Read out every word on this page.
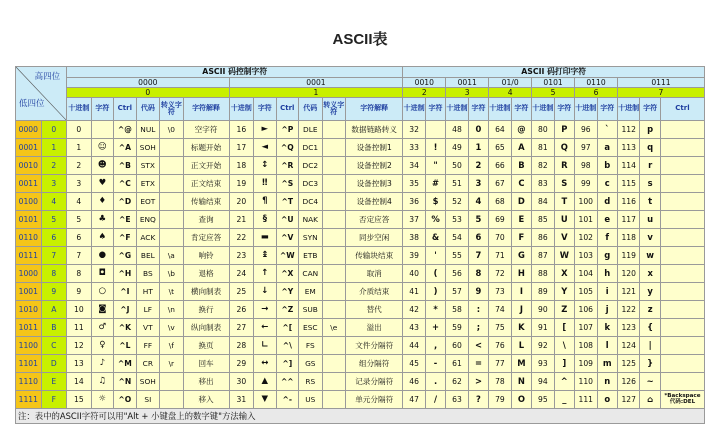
ASCII表
高四位
低四位		ASCII 码控制字符												ASCII 码打印字符												
		0000						0001						0010		0011		01/0		0101		0110		0111		
		0						1						2		3		4		5		6		7		
		十进制	字符	Ctrl	代码	转义字符	字符解释	十进制	字符	Ctrl	代码	转义字符	字符解释	十进制	字符	十进制	字符	十进制	字符	十进制	字符	十进制	字符	十进制	字符	Ctrl
0000	0	0		^@	NUL	\0	空字符	16	►	^P	DLE		数据链路转义	32		48	0	64	@	80	P	96	`	112	p	
0001	1	1	☺	^A	SOH		标题开始	17	◄	^Q	DC1		设备控制1	33	!	49	1	65	A	81	Q	97	a	113	q	
0010	2	2	☻	^B	STX		正文开始	18	↕	^R	DC2		设备控制2	34	"	50	2	66	B	82	R	98	b	114	r	
0011	3	3	♥	^C	ETX		正文结束	19	‼	^S	DC3		设备控制3	35	#	51	3	67	C	83	S	99	c	115	s	
0100	4	4	♦	^D	EOT		传输结束	20	¶	^T	DC4		设备控制4	36	$	52	4	68	D	84	T	100	d	116	t	
0101	5	5	♣	^E	ENQ		查询	21	§	^U	NAK		否定应答	37	%	53	5	69	E	85	U	101	e	117	u	
0110	6	6	♠	^F	ACK		肯定应答	22	▬	^V	SYN		同步空闲	38	&	54	6	70	F	86	V	102	f	118	v	
0111	7	7	●	^G	BEL	\a	响铃	23	↨	^W	ETB		传输块结束	39	'	55	7	71	G	87	W	103	g	119	w	
1000	8	8	◘	^H	BS	\b	退格	24	↑	^X	CAN		取消	40	(	56	8	72	H	88	X	104	h	120	x	
1001	9	9	○	^I	HT	\t	横向制表	25	↓	^Y	EM		介质结束	41	)	57	9	73	I	89	Y	105	i	121	y	
1010	A	10	◙	^J	LF	\n	换行	26	→	^Z	SUB		替代	42	*	58	:	74	J	90	Z	106	j	122	z	
1011	B	11	♂	^K	VT	\v	纵向制表	27	←	^[	ESC	\e	溢出	43	+	59	;	75	K	91	[	107	k	123	{	
1100	C	12	♀	^L	FF	\f	换页	28	∟	^\	FS		文件分隔符	44	,	60	<	76	L	92	\	108	l	124	|	
1101	D	13	♪	^M	CR	\r	回车	29	↔	^]	GS		组分隔符	45	-	61	=	77	M	93	]	109	m	125	}	
1110	E	14	♫	^N	SOH		移出	30	▲	^^	RS		记录分隔符	46	.	62	>	78	N	94	^	110	n	126	~	
1111	F	15	☼	^O	SI		移入	31	▼	^-	US		单元分隔符	47	/	63	?	79	O	95	_	111	o	127	⌂	*Backspace 代码:DEL
注：表中的ASCII字符可以用"Alt + 小键盘上的数字键"方法输入																										
